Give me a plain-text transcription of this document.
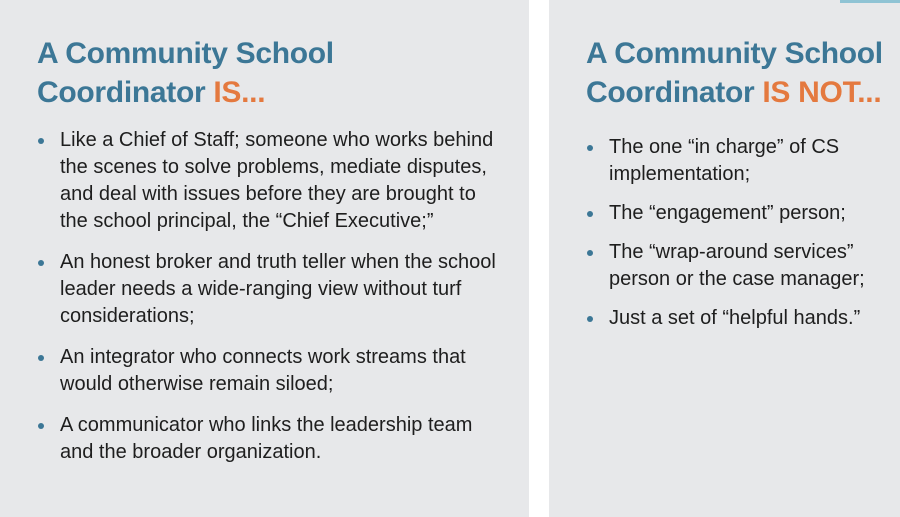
A Community School Coordinator IS...
Like a Chief of Staff; someone who works behind the scenes to solve problems, mediate disputes, and deal with issues before they are brought to the school principal, the “Chief Executive;”
An honest broker and truth teller when the school leader needs a wide-ranging view without turf considerations;
An integrator who connects work streams that would otherwise remain siloed;
A communicator who links the leadership team and the broader organization.
A Community School Coordinator IS NOT...
The one “in charge” of CS implementation;
The “engagement” person;
The “wrap-around services” person or the case manager;
Just a set of “helpful hands.”
